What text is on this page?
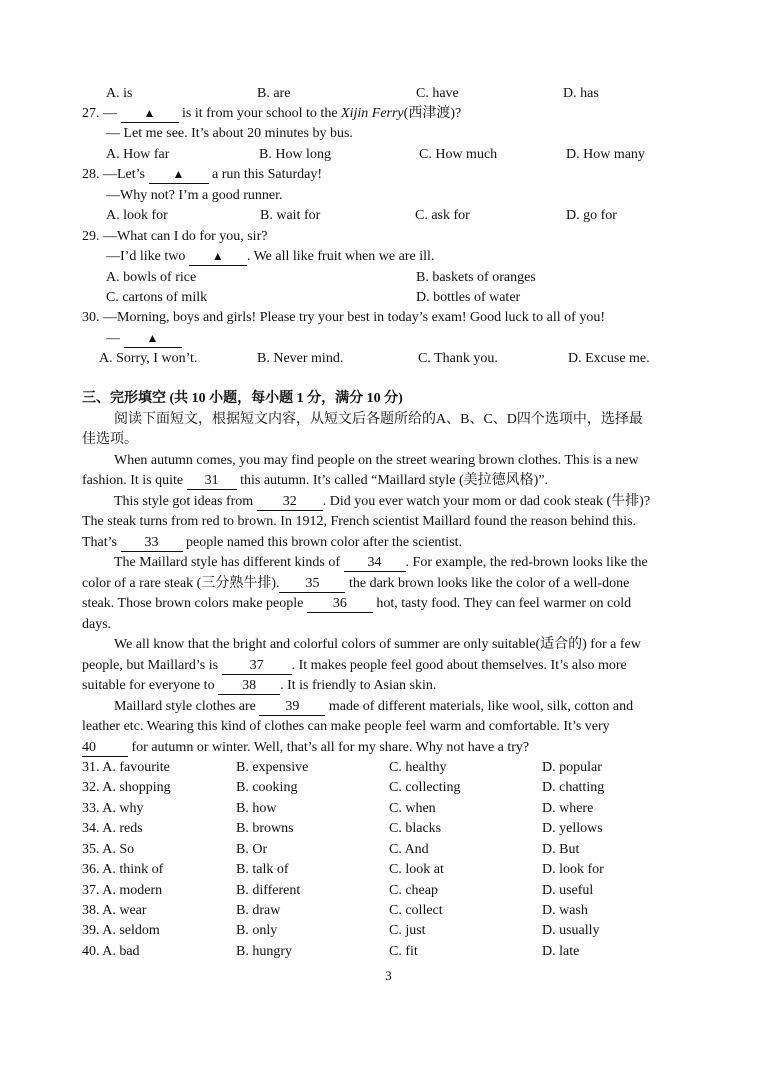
A. is	B. are	C. have	D. has
27. — ▲ is it from your school to the Xijin Ferry(西津渡)?
— Let me see. It’s about 20 minutes by bus.
A. How far	B. How long	C. How much	D. How many
28. —Let’s ▲ a run this Saturday!
—Why not? I’m a good runner.
A. look for	B. wait for	C. ask for	D. go for
29. —What can I do for you, sir?
—I’d like two ▲ . We all like fruit when we are ill.
A. bowls of rice	B. baskets of oranges
C. cartons of milk	D. bottles of water
30. —Morning, boys and girls! Please try your best in today’s exam! Good luck to all of you!
— ▲
A. Sorry, I won’t.	B. Never mind.	C. Thank you.	D. Excuse me.
三、完形填空 (共 10 小题，每小题 1 分，满分 10 分)
阅读下面短文，根据短文内容，从短文后各题所给的A、B、C、D四个选项中，选择最
佳选项。
When autumn comes, you may find people on the street wearing brown clothes. This is a new
fashion. It is quite 31 this autumn. It’s called “Maillard style (美拉德风格)”.
This style got ideas from 32 . Did you ever watch your mom or dad cook steak (牛排)?
The steak turns from red to brown. In 1912, French scientist Maillard found the reason behind this.
That’s 33 people named this brown color after the scientist.
The Maillard style has different kinds of 34 . For example, the red-brown looks like the
color of a rare steak (三分熟牛排). 35 the dark brown looks like the color of a well-done
steak. Those brown colors make people 36 hot, tasty food. They can feel warmer on cold
days.
We all know that the bright and colorful colors of summer are only suitable(适合的) for a few
people, but Maillard’s is 37 . It makes people feel good about themselves. It’s also more
suitable for everyone to 38 . It is friendly to Asian skin.
Maillard style clothes are 39 made of different materials, like wool, silk, cotton and
leather etc. Wearing this kind of clothes can make people feel warm and comfortable. It’s very
40 for autumn or winter. Well, that’s all for my share. Why not have a try?
31. A. favourite	B. expensive	C. healthy	D. popular
32. A. shopping	B. cooking	C. collecting	D. chatting
33. A. why	B. how	C. when	D. where
34. A. reds	B. browns	C. blacks	D. yellows
35. A. So	B. Or	C. And	D. But
36. A. think of	B. talk of	C. look at	D. look for
37. A. modern	B. different	C. cheap	D. useful
38. A. wear	B. draw	C. collect	D. wash
39. A. seldom	B. only	C. just	D. usually
40. A. bad	B. hungry	C. fit	D. late
3
